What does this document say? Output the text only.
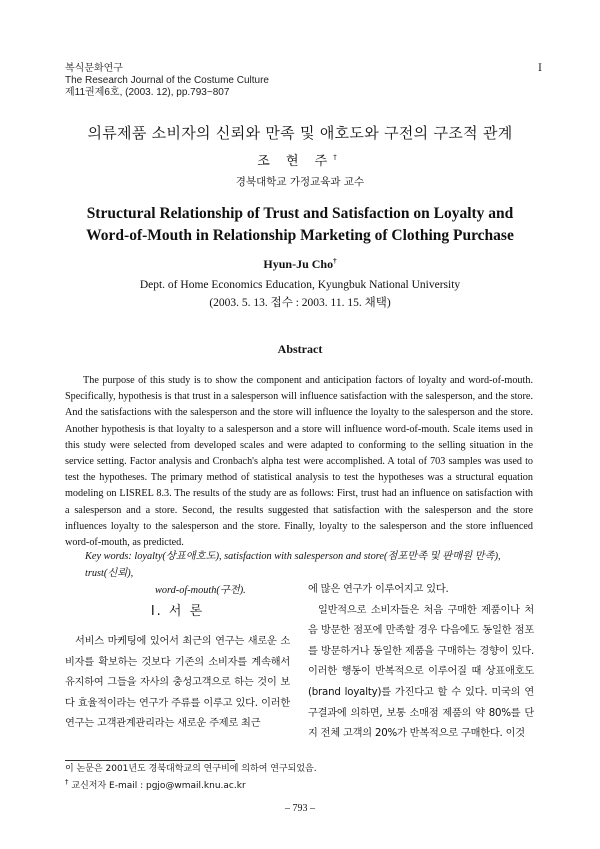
복식문화연구
The Research Journal of the Costume Culture
제11권제6호, (2003. 12), pp.793~807
I
의류제품 소비자의 신뢰와 만족 및 애호도와 구전의 구조적 관계
조 현 주†
경북대학교 가정교육과 교수
Structural Relationship of Trust and Satisfaction on Loyalty and
Word-of-Mouth in Relationship Marketing of Clothing Purchase
Hyun-Ju Cho†
Dept. of Home Economics Education, Kyungbuk National University
(2003. 5. 13. 접수 : 2003. 11. 15. 채택)
Abstract

The purpose of this study is to show the component and anticipation factors of loyalty and word-of-mouth. Specifically, hypothesis is that trust in a salesperson will influence satisfaction with the salesperson, and the store. And the satisfactions with the salesperson and the store will influence the loyalty to the salesperson and the store. Another hypothesis is that loyalty to a salesperson and a store will influence word-of-mouth. Scale items used in this study were selected from developed scales and were adapted to conforming to the selling situation in the service setting. Factor analysis and Cronbach's alpha test were accomplished. A total of 703 samples was used to test the hypotheses. The primary method of statistical analysis to test the hypotheses was a structural equation modeling on LISREL 8.3. The results of the study are as follows: First, trust had an influence on satisfaction with a salesperson and a store. Second, the results suggested that satisfaction with the salesperson and the store influences loyalty to the salesperson and the store. Finally, loyalty to the salesperson and the store influenced word-of-mouth, as predicted.

Key words: loyalty(상표애호도), satisfaction with salesperson and store(점포만족 및 판매원 만족), trust(신뢰),
word-of-mouth(구전).
I. 서 론

서비스 마케팅에 있어서 최근의 연구는 새로운 소비자를 확보하는 것보다 기존의 소비자를 계속해서 유지하여 그들을 자사의 충성고객으로 하는 것이 보다 효율적이라는 연구가 주류를 이루고 있다. 이러한 연구는 고객관계관리라는 새로운 주제로 최근

에 많은 연구가 이루어지고 있다.

일반적으로 소비자들은 처음 구매한 제품이나 처음 방문한 점포에 만족할 경우 다음에도 동일한 점포를 방문하거나 동일한 제품을 구매하는 경향이 있다. 이러한 행동이 반복적으로 이루어질 때 상표애호도(brand loyalty)를 가진다고 할 수 있다. 미국의 연구결과에 의하면, 보통 소매점 제품의 약 80%를 단지 전체 고객의 20%가 반복적으로 구매한다. 이것

이 논문은 2001년도 경북대학교의 연구비에 의하여 연구되었음.
† 교신저자 E-mail : pgjo@wmail.knu.ac.kr
– 793 –
